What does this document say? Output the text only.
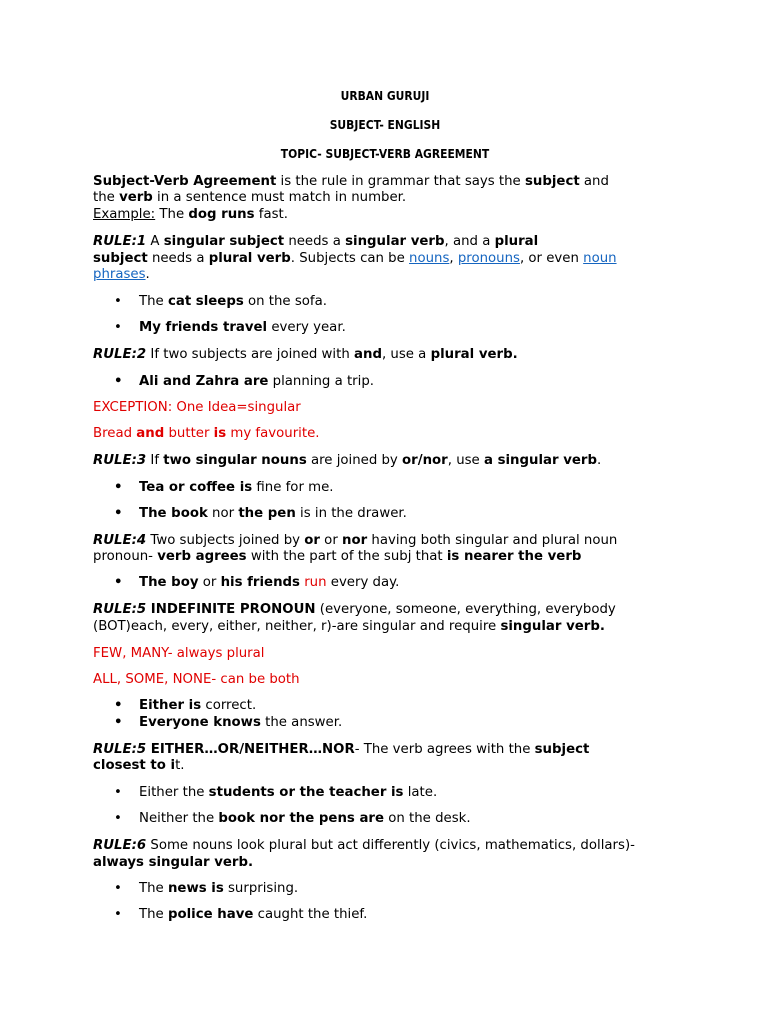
URBAN GURUJI
SUBJECT- ENGLISH
TOPIC- SUBJECT-VERB AGREEMENT
Subject-Verb Agreement is the rule in grammar that says the subject and
the verb in a sentence must match in number.
Example: The dog runs fast.
RULE:1 A singular subject needs a singular verb, and a plural
subject needs a plural verb. Subjects can be nouns, pronouns, or even noun
phrases.
• The cat sleeps on the sofa.
• My friends travel every year.
RULE:2 If two subjects are joined with and, use a plural verb.
• Ali and Zahra are planning a trip.
EXCEPTION: One Idea=singular
Bread and butter is my favourite.
RULE:3 If two singular nouns are joined by or/nor, use a singular verb.
• Tea or coffee is fine for me.
• The book nor the pen is in the drawer.
RULE:4 Two subjects joined by or or nor having both singular and plural noun
pronoun- verb agrees with the part of the subj that is nearer the verb
• The boy or his friends run every day.
RULE:5 INDEFINITE PRONOUN (everyone, someone, everything, everybody
(BOT)each, every, either, neither, r)-are singular and require singular verb.
FEW, MANY- always plural
ALL, SOME, NONE- can be both
• Either is correct.
• Everyone knows the answer.
RULE:5 EITHER…OR/NEITHER…NOR- The verb agrees with the subject
closest to it.
• Either the students or the teacher is late.
• Neither the book nor the pens are on the desk.
RULE:6 Some nouns look plural but act differently (civics, mathematics, dollars)-
always singular verb.
• The news is surprising.
• The police have caught the thief.
